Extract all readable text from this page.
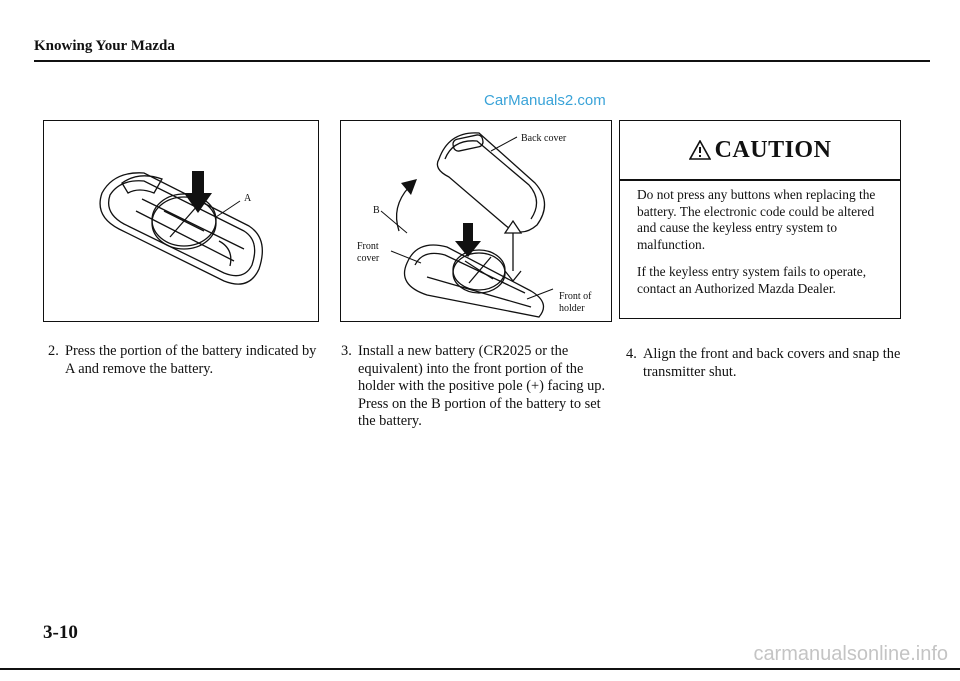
Knowing Your Mazda
CarManuals2.com
A
Back cover
B
Front
cover
Front of
holder
CAUTION

Do not press any buttons when replacing the battery. The electronic code could be altered and cause the keyless entry system to malfunction.

If the keyless entry system fails to operate, contact an Authorized Mazda Dealer.

2. Press the portion of the battery indicated by A and remove the battery.
3. Install a new battery (CR2025 or the equivalent) into the front portion of the holder with the positive pole (+) facing up. Press on the B portion of the battery to set the battery.
4. Align the front and back covers and snap the transmitter shut.
3-10
carmanualsonline.info
